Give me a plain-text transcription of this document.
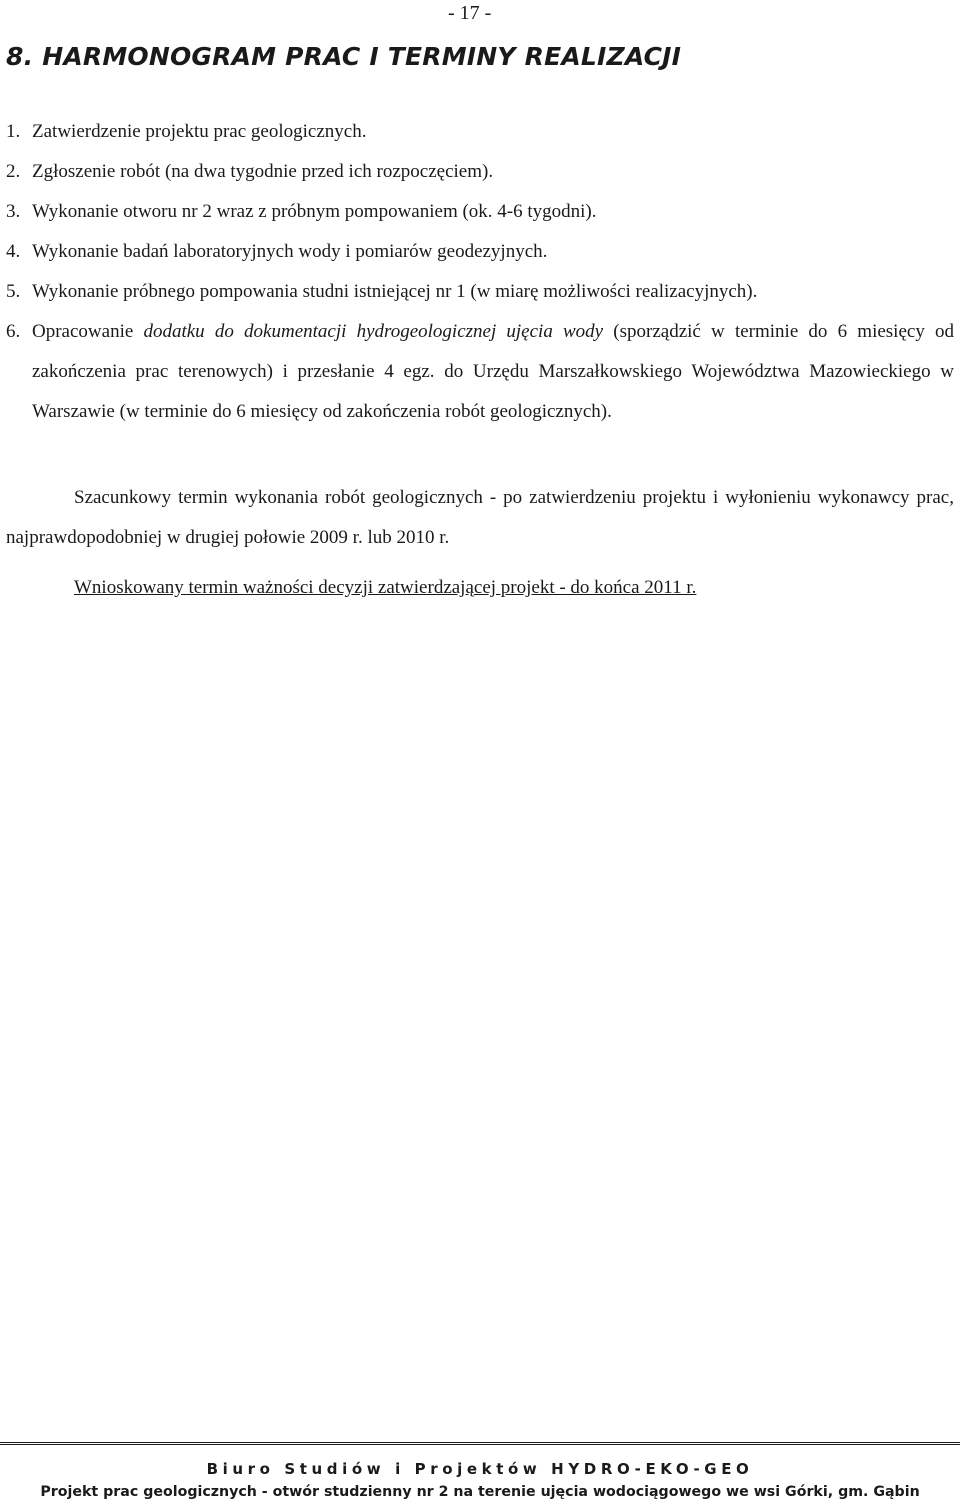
- 17 -
8. HARMONOGRAM PRAC I TERMINY REALIZACJI
1. Zatwierdzenie projektu prac geologicznych.
2. Zgłoszenie robót (na dwa tygodnie przed ich rozpoczęciem).
3. Wykonanie otworu nr 2 wraz z próbnym pompowaniem (ok. 4-6 tygodni).
4. Wykonanie badań laboratoryjnych wody i pomiarów geodezyjnych.
5. Wykonanie próbnego pompowania studni istniejącej nr 1 (w miarę możliwości realizacyjnych).
6. Opracowanie dodatku do dokumentacji hydrogeologicznej ujęcia wody (sporządzić w terminie do 6 miesięcy od zakończenia prac terenowych) i przesłanie 4 egz. do Urzędu Marszałkowskiego Województwa Mazowieckiego w Warszawie (w terminie do 6 miesięcy od zakończenia robót geologicznych).

Szacunkowy termin wykonania robót geologicznych - po zatwierdzeniu projektu i wyłonieniu wykonawcy prac, najprawdopodobniej w drugiej połowie 2009 r. lub 2010 r.

Wnioskowany termin ważności decyzji zatwierdzającej projekt - do końca 2011 r.

Biuro Studiów i Projektów HYDRO-EKO-GEO

Projekt prac geologicznych - otwór studzienny nr 2 na terenie ujęcia wodociągowego we wsi Górki, gm. Gąbin
